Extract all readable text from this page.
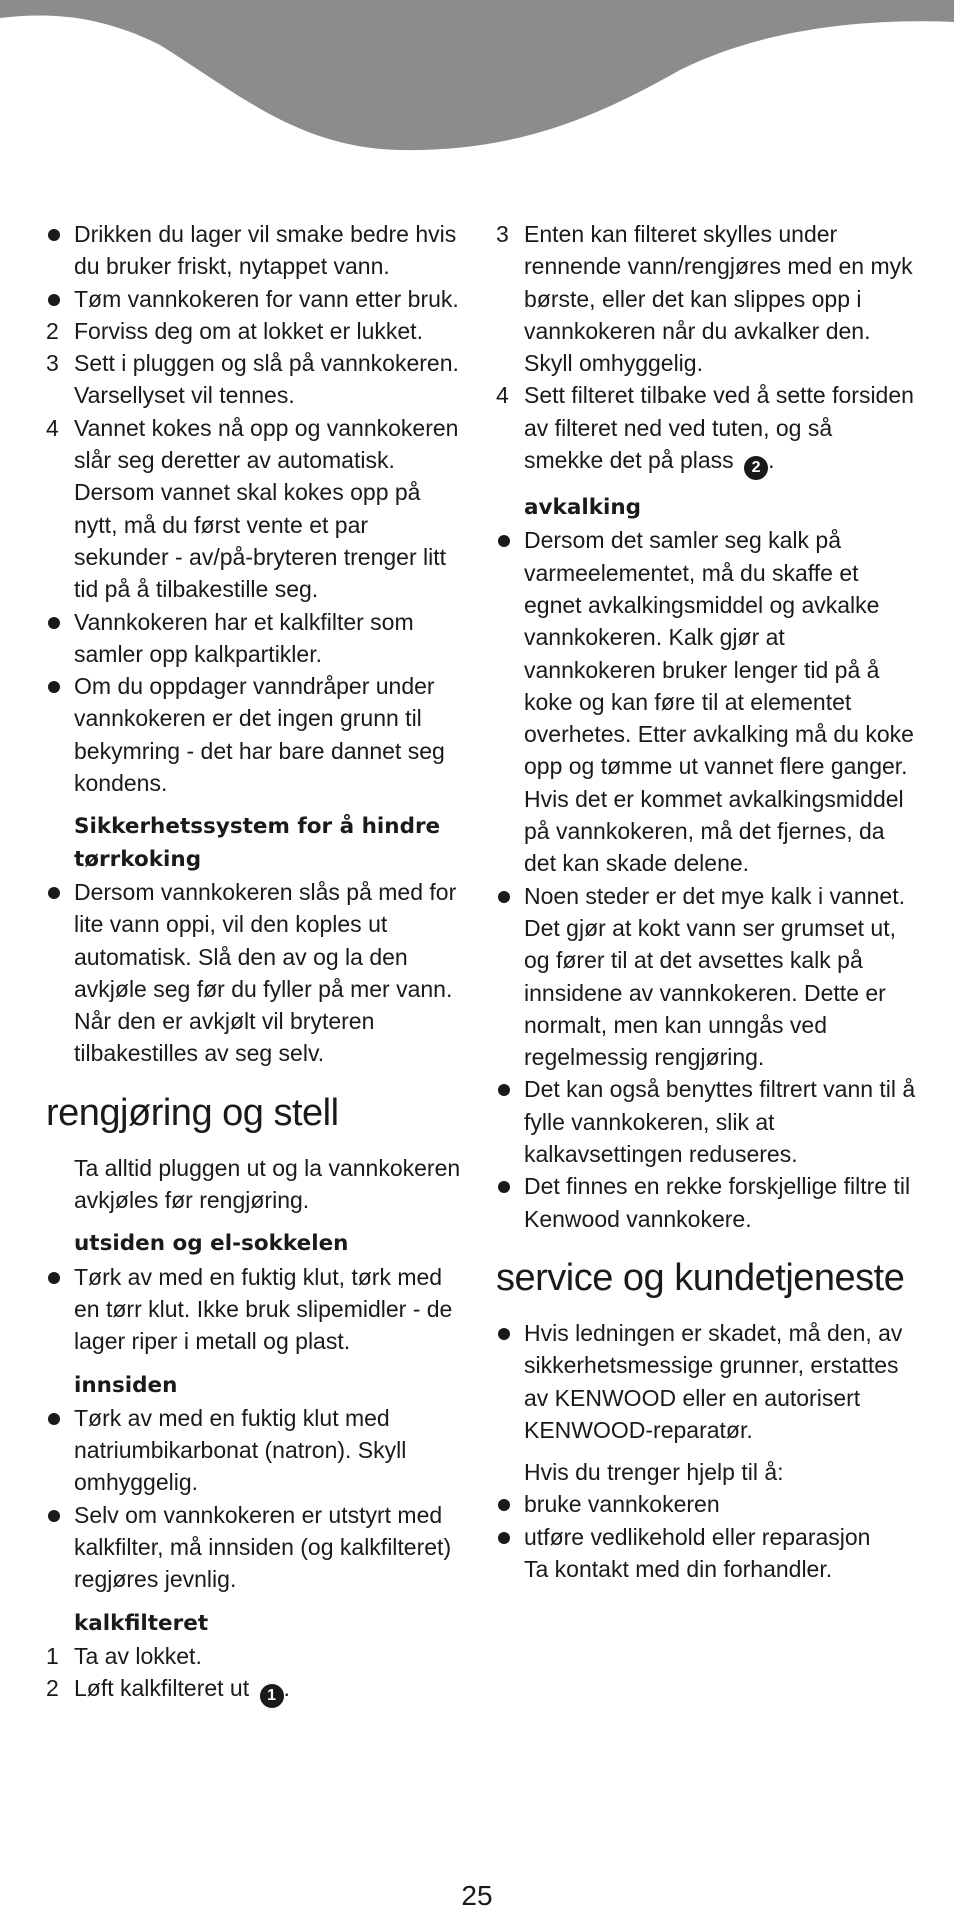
Drikken du lager vil smake bedre hvis du bruker friskt, nytappet vann.
Tøm vannkokeren for vann etter bruk.
2 Forviss deg om at lokket er lukket.
3 Sett i pluggen og slå på vannkokeren. Varsellyset vil tennes.
4 Vannet kokes nå opp og vannkokeren slår seg deretter av automatisk. Dersom vannet skal kokes opp på nytt, må du først vente et par sekunder - av/på-bryteren trenger litt tid på å tilbakestille seg.
Vannkokeren har et kalkfilter som samler opp kalkpartikler.
Om du oppdager vanndråper under vannkokeren er det ingen grunn til bekymring - det har bare dannet seg kondens.
Sikkerhetssystem for å hindre tørrkoking
Dersom vannkokeren slås på med for lite vann oppi, vil den koples ut automatisk. Slå den av og la den avkjøle seg før du fyller på mer vann. Når den er avkjølt vil bryteren tilbakestilles av seg selv.
rengjøring og stell
Ta alltid pluggen ut og la vannkokeren avkjøles før rengjøring.
utsiden og el-sokkelen
Tørk av med en fuktig klut, tørk med en tørr klut. Ikke bruk slipemidler - de lager riper i metall og plast.
innsiden
Tørk av med en fuktig klut med natriumbikarbonat (natron). Skyll omhyggelig.
Selv om vannkokeren er utstyrt med kalkfilter, må innsiden (og kalkfilteret) regjøres jevnlig.
kalkfilteret
1 Ta av lokket.
2 Løft kalkfilteret ut 1 .
3 Enten kan filteret skylles under rennende vann/rengjøres med en myk børste, eller det kan slippes opp i vannkokeren når du avkalker den. Skyll omhyggelig.
4 Sett filteret tilbake ved å sette forsiden av filteret ned ved tuten, og så smekke det på plass 2 .
avkalking
Dersom det samler seg kalk på varmeelementet, må du skaffe et egnet avkalkingsmiddel og avkalke vannkokeren. Kalk gjør at vannkokeren bruker lenger tid på å koke og kan føre til at elementet overhetes. Etter avkalking må du koke opp og tømme ut vannet flere ganger. Hvis det er kommet avkalkingsmiddel på vannkokeren, må det fjernes, da det kan skade delene.
Noen steder er det mye kalk i vannet. Det gjør at kokt vann ser grumset ut, og fører til at det avsettes kalk på innsidene av vannkokeren. Dette er normalt, men kan unngås ved regelmessig rengjøring.
Det kan også benyttes filtrert vann til å fylle vannkokeren, slik at kalkavsettingen reduseres.
Det finnes en rekke forskjellige filtre til Kenwood vannkokere.
service og kundetjeneste
Hvis ledningen er skadet, må den, av sikkerhetsmessige grunner, erstattes av KENWOOD eller en autorisert KENWOOD-reparatør.
Hvis du trenger hjelp til å:
bruke vannkokeren
utføre vedlikehold eller reparasjon
Ta kontakt med din forhandler.
25
